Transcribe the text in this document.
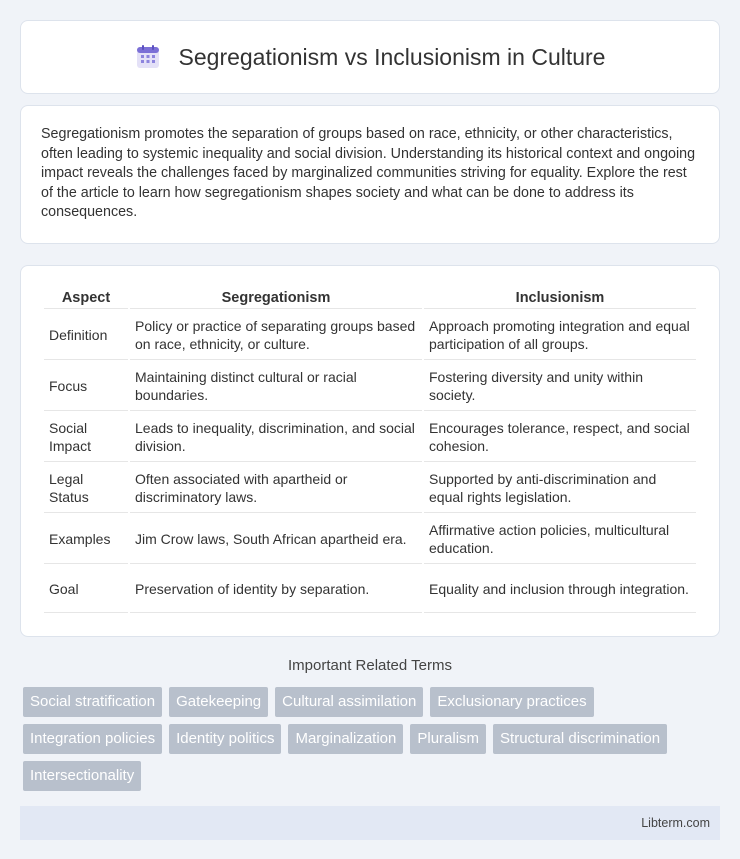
Segregationism vs Inclusionism in Culture

Segregationism promotes the separation of groups based on race, ethnicity, or other characteristics, often leading to systemic inequality and social division. Understanding its historical context and ongoing impact reveals the challenges faced by marginalized communities striving for equality. Explore the rest of the article to learn how segregationism shapes society and what can be done to address its consequences.

Aspect	Segregationism	Inclusionism
Definition	Policy or practice of separating groups based on race, ethnicity, or culture.	Approach promoting integration and equal participation of all groups.
Focus	Maintaining distinct cultural or racial boundaries.	Fostering diversity and unity within society.
Social Impact	Leads to inequality, discrimination, and social division.	Encourages tolerance, respect, and social cohesion.
Legal Status	Often associated with apartheid or discriminatory laws.	Supported by anti-discrimination and equal rights legislation.
Examples	Jim Crow laws, South African apartheid era.	Affirmative action policies, multicultural education.
Goal	Preservation of identity by separation.	Equality and inclusion through integration.
Important Related Terms
Social stratification	Gatekeeping	Cultural assimilation	Exclusionary practices
Integration policies	Identity politics	Marginalization	Pluralism	Structural discrimination
Intersectionality
Libterm.com
